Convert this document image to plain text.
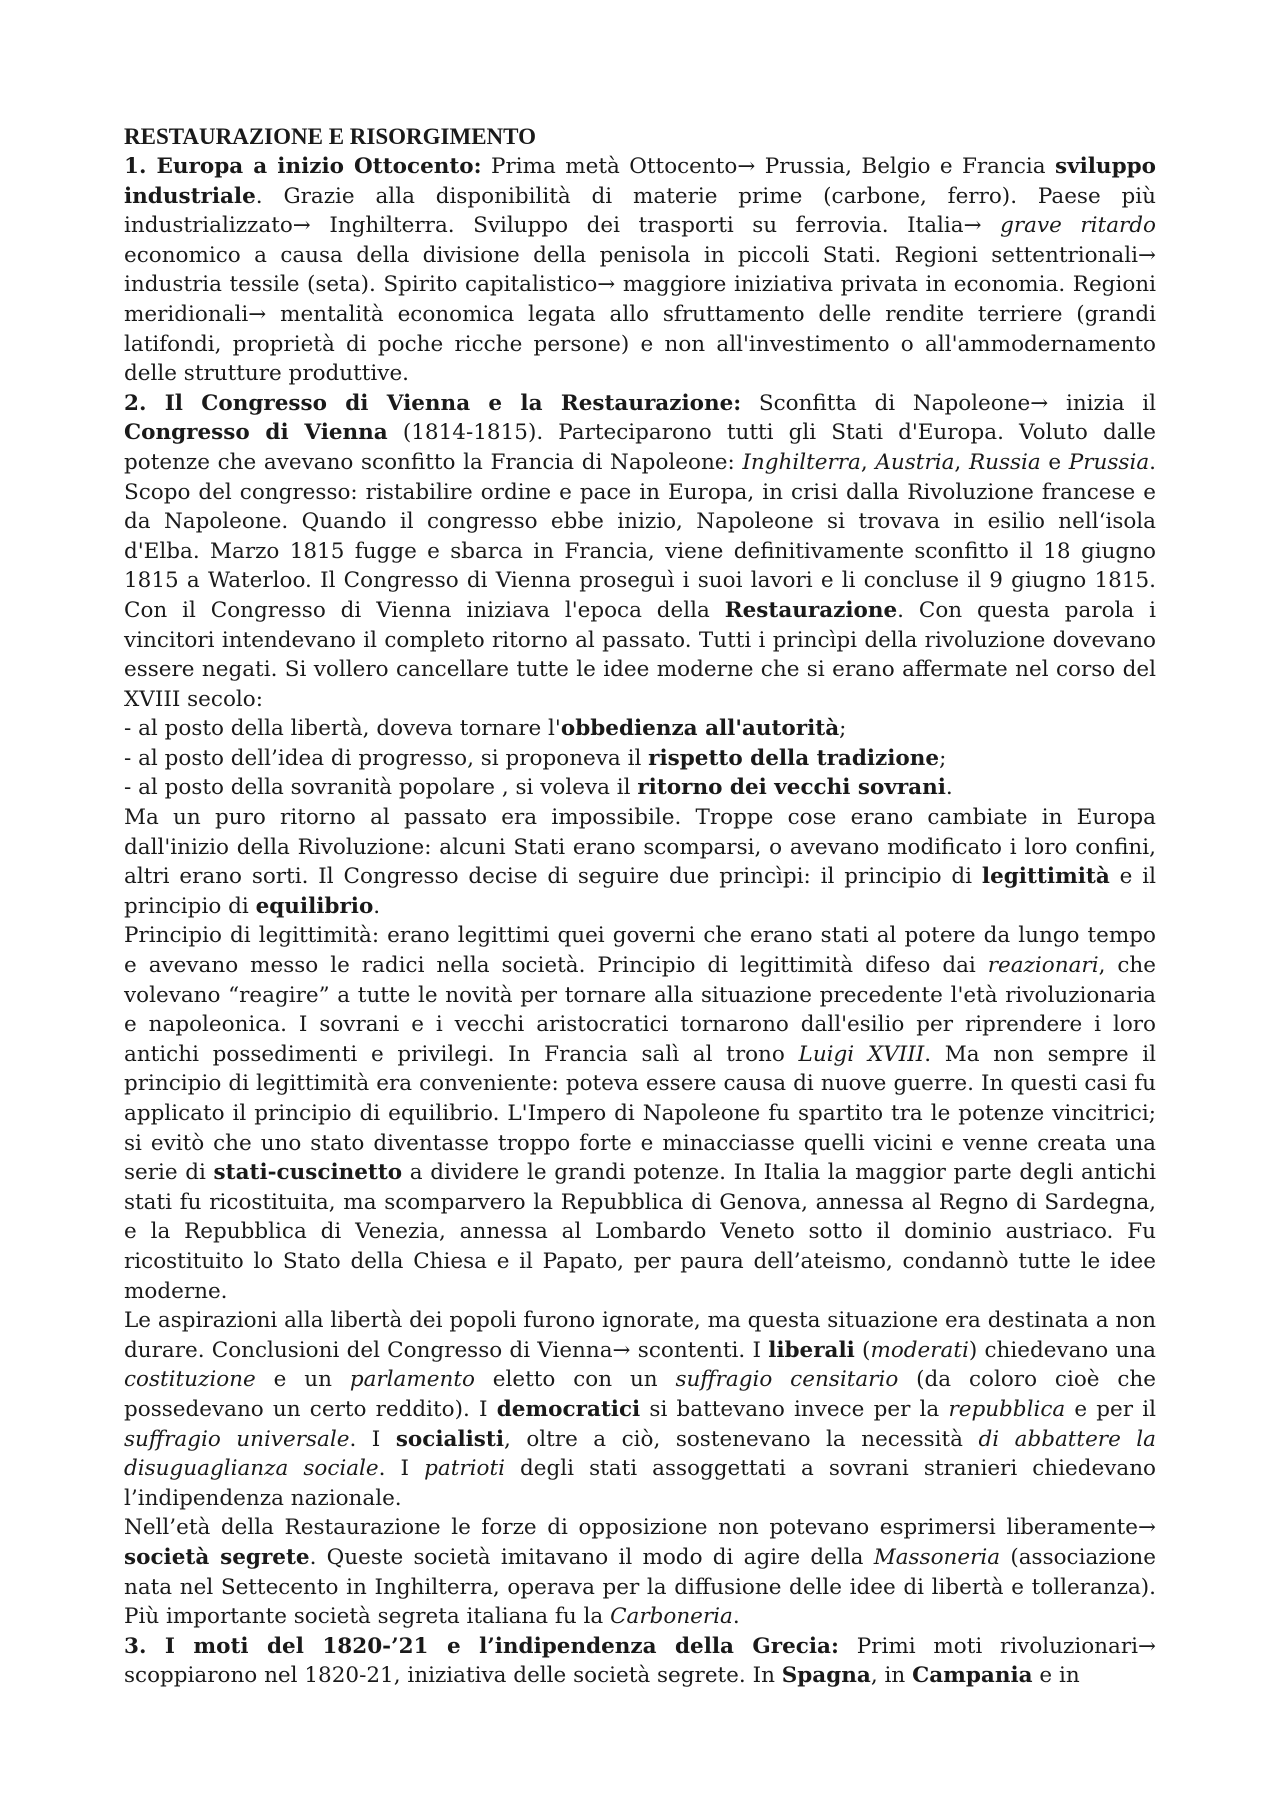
RESTAURAZIONE E RISORGIMENTO

1. Europa a inizio Ottocento: Prima metà Ottocento→ Prussia, Belgio e Francia sviluppo industriale. Grazie alla disponibilità di materie prime (carbone, ferro). Paese più industrializzato→ Inghilterra. Sviluppo dei trasporti su ferrovia. Italia→ grave ritardo economico a causa della divisione della penisola in piccoli Stati. Regioni settentrionali→ industria tessile (seta). Spirito capitalistico→ maggiore iniziativa privata in economia. Regioni meridionali→ mentalità economica legata allo sfruttamento delle rendite terriere (grandi latifondi, proprietà di poche ricche persone) e non all'investimento o all'ammodernamento delle strutture produttive.

2. Il Congresso di Vienna e la Restaurazione: Sconfitta di Napoleone→ inizia il Congresso di Vienna (1814-1815). Parteciparono tutti gli Stati d'Europa. Voluto dalle potenze che avevano sconfitto la Francia di Napoleone: Inghilterra, Austria, Russia e Prussia. Scopo del congresso: ristabilire ordine e pace in Europa, in crisi dalla Rivoluzione francese e da Napoleone. Quando il congresso ebbe inizio, Napoleone si trovava in esilio nell‘isola d'Elba. Marzo 1815 fugge e sbarca in Francia, viene definitivamente sconfitto il 18 giugno 1815 a Waterloo. Il Congresso di Vienna proseguì i suoi lavori e li concluse il 9 giugno 1815. Con il Congresso di Vienna iniziava l'epoca della Restaurazione. Con questa parola i vincitori intendevano il completo ritorno al passato. Tutti i princìpi della rivoluzione dovevano essere negati. Si vollero cancellare tutte le idee moderne che si erano affermate nel corso del XVIII secolo:

- al posto della libertà, doveva tornare l'obbedienza all'autorità;

- al posto dell’idea di progresso, si proponeva il rispetto della tradizione;

- al posto della sovranità popolare , si voleva il ritorno dei vecchi sovrani.

Ma un puro ritorno al passato era impossibile. Troppe cose erano cambiate in Europa dall'inizio della Rivoluzione: alcuni Stati erano scomparsi, o avevano modificato i loro confini, altri erano sorti. Il Congresso decise di seguire due princìpi: il principio di legittimità e il principio di equilibrio.

Principio di legittimità: erano legittimi quei governi che erano stati al potere da lungo tempo e avevano messo le radici nella società. Principio di legittimità difeso dai reazionari, che volevano “reagire” a tutte le novità per tornare alla situazione precedente l'età rivoluzionaria e napoleonica. I sovrani e i vecchi aristocratici tornarono dall'esilio per riprendere i loro antichi possedimenti e privilegi. In Francia salì al trono Luigi XVIII. Ma non sempre il principio di legittimità era conveniente: poteva essere causa di nuove guerre. In questi casi fu applicato il principio di equilibrio. L'Impero di Napoleone fu spartito tra le potenze vincitrici; si evitò che uno stato diventasse troppo forte e minacciasse quelli vicini e venne creata una serie di stati-cuscinetto a dividere le grandi potenze. In Italia la maggior parte degli antichi stati fu ricostituita, ma scomparvero la Repubblica di Genova, annessa al Regno di Sardegna, e la Repubblica di Venezia, annessa al Lombardo Veneto sotto il dominio austriaco. Fu ricostituito lo Stato della Chiesa e il Papato, per paura dell’ateismo, condannò tutte le idee moderne.

Le aspirazioni alla libertà dei popoli furono ignorate, ma questa situazione era destinata a non durare. Conclusioni del Congresso di Vienna→ scontenti. I liberali (moderati) chiedevano una costituzione e un parlamento eletto con un suffragio censitario (da coloro cioè che possedevano un certo reddito). I democratici si battevano invece per la repubblica e per il suffragio universale. I socialisti, oltre a ciò, sostenevano la necessità di abbattere la disuguaglianza sociale. I patrioti degli stati assoggettati a sovrani stranieri chiedevano l’indipendenza nazionale.

Nell’età della Restaurazione le forze di opposizione non potevano esprimersi liberamente→ società segrete. Queste società imitavano il modo di agire della Massoneria (associazione nata nel Settecento in Inghilterra, operava per la diffusione delle idee di libertà e tolleranza). Più importante società segreta italiana fu la Carboneria.

3. I moti del 1820-’21 e l’indipendenza della Grecia: Primi moti rivoluzionari→ scoppiarono nel 1820-21, iniziativa delle società segrete. In Spagna, in Campania e in
